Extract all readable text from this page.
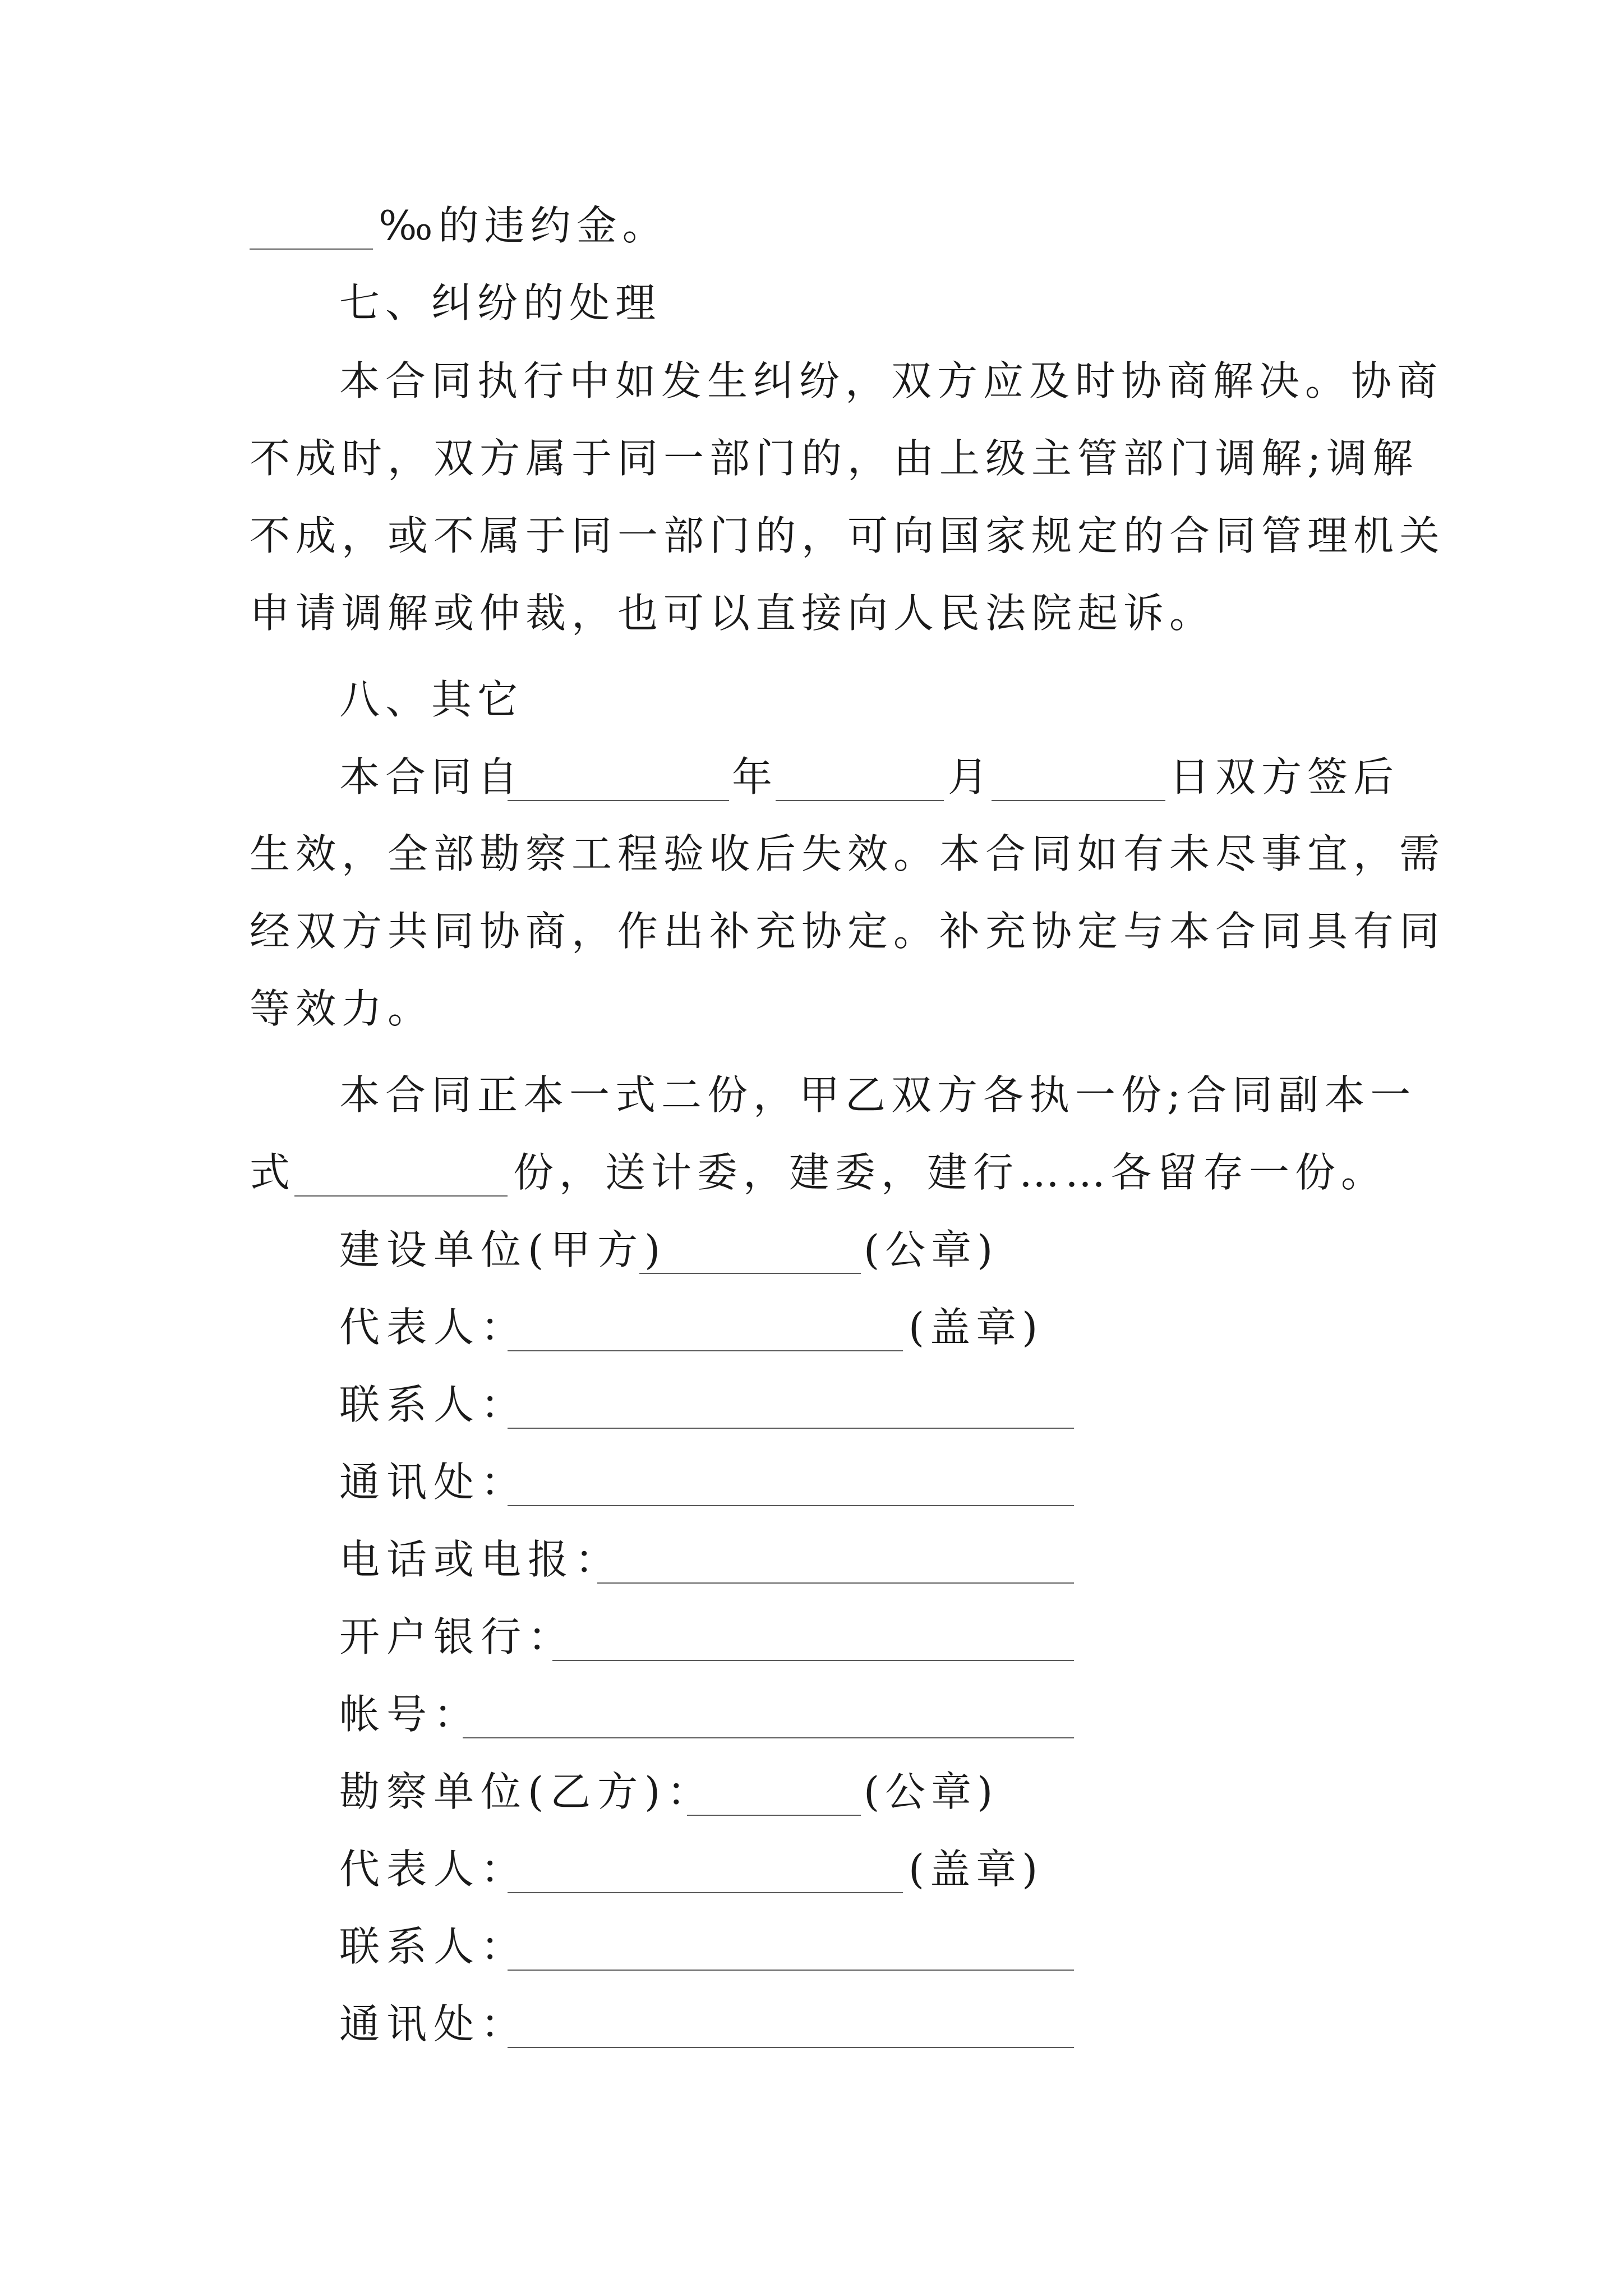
‰的违约金。
七、纠纷的处理
本合同执行中如发生纠纷，双方应及时协商解决。协商
不成时，双方属于同一部门的，由上级主管部门调解;调解
不成，或不属于同一部门的，可向国家规定的合同管理机关
申请调解或仲裁，也可以直接向人民法院起诉。
八、其它
本合同自	年	月	日双方签后
生效，全部勘察工程验收后失效。本合同如有未尽事宜，需
经双方共同协商，作出补充协定。补充协定与本合同具有同
等效力。
本合同正本一式二份，甲乙双方各执一份;合同副本一
式	份，送计委，建委，建行……各留存一份。
建设单位(甲方)	(公章)
代表人：	(盖章)
联系人：
通讯处：
电话或电报：
开户银行：
帐号：
勘察单位(乙方)：	(公章)
代表人：	(盖章)
联系人：
通讯处：
